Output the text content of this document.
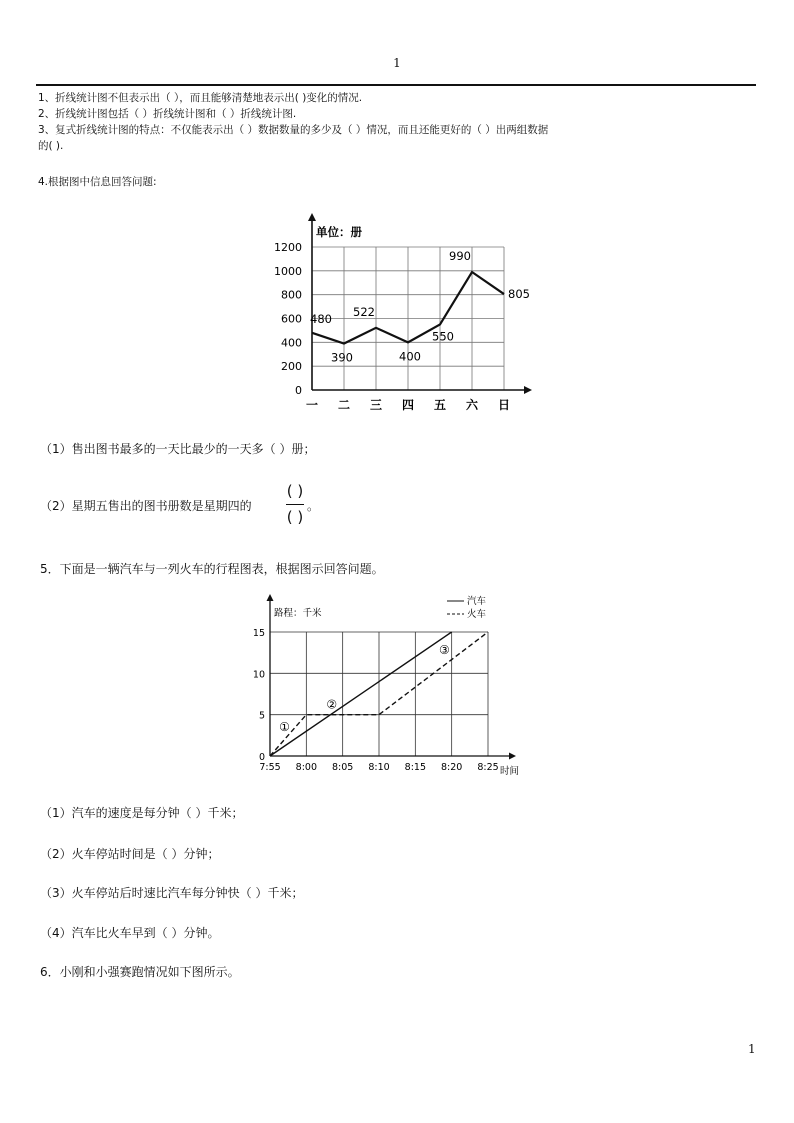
1
1、折线统计图不但表示出（ ），而且能够清楚地表示出( )变化的情况.
2、折线统计图包括（ ）折线统计图和（ ）折线统计图.
3、复式折线统计图的特点：不仅能表示出（ ）数据数量的多少及（ ）情况，而且还能更好的（ ）出两组数据
的( ).
4.根据图中信息回答问题:
0
200
400
600
800
1000
1200
一 二 三 四 五 六 日
单位：册
480
390
522
400
550
990
805
（1）售出图书最多的一天比最少的一天多（ ）册；
（2）星期五售出的图书册数是星期四的
( )
( )
。
5．下面是一辆汽车与一列火车的行程图表，根据图示回答问题。
0
5
10
15
7:55 8:00 8:05 8:10 8:15 8:20 8:25
路程：千米
时间
汽车
火车
①
②
③
（1）汽车的速度是每分钟（ ）千米；
（2）火车停站时间是（ ）分钟；
（3）火车停站后时速比汽车每分钟快（ ）千米；
（4）汽车比火车早到（ ）分钟。
6．小刚和小强赛跑情况如下图所示。
1
